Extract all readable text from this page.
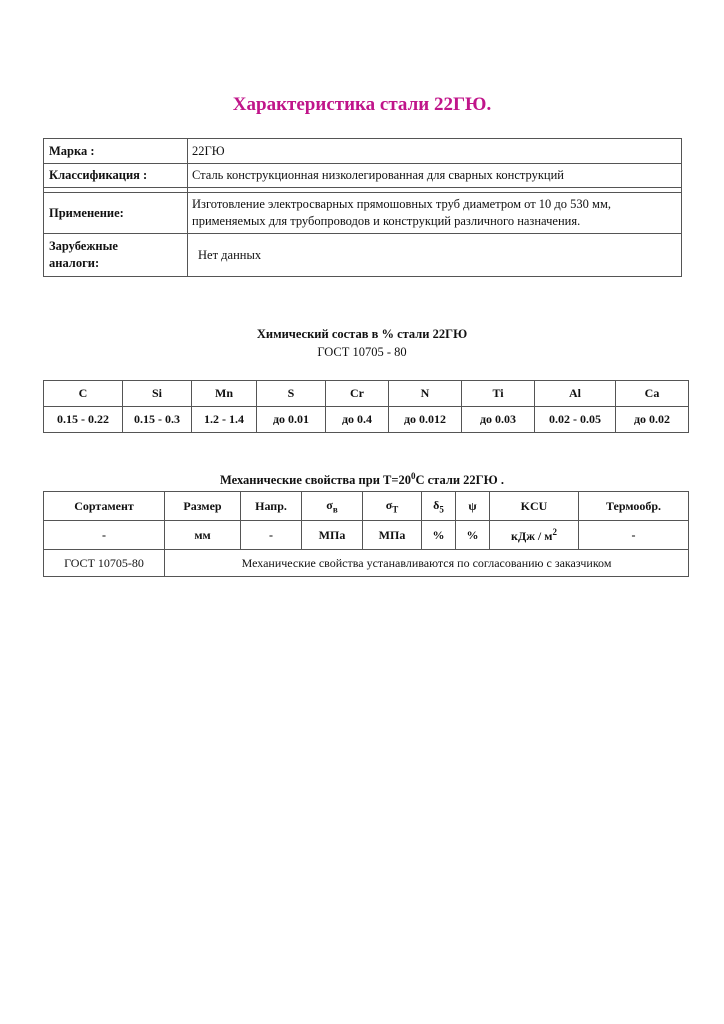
Характеристика стали 22ГЮ.
Марка :	22ГЮ
Классификация :	Сталь конструкционная низколегированная для сварных конструкций

Применение:	Изготовление электросварных прямошовных труб диаметром от 10 до 530 мм,
применяемых для трубопроводов и конструкций различного назначения.

Зарубежные
аналоги:	Нет данных
Химический состав в % стали 22ГЮ
ГОСТ 10705 - 80
C	Si	Mn	S	Cr	N	Ti	Al	Ca
0.15 - 0.22	0.15 - 0.3	1.2 - 1.4	до 0.01	до 0.4	до 0.012	до 0.03	0.02 - 0.05	до 0.02
Механические свойства при $Т=20^0С$ стали 22ГЮ .
Сортамент	Размер	Напр.	$\sigma_в$	$\sigma_T$	$\delta_5$	ψ	KCU	Термообр.
-	мм	-	МПа	МПа	%	%	кДж / $м^2$	-
ГОСТ 10705-80	Механические свойства устанавливаются по согласованию с заказчиком							
